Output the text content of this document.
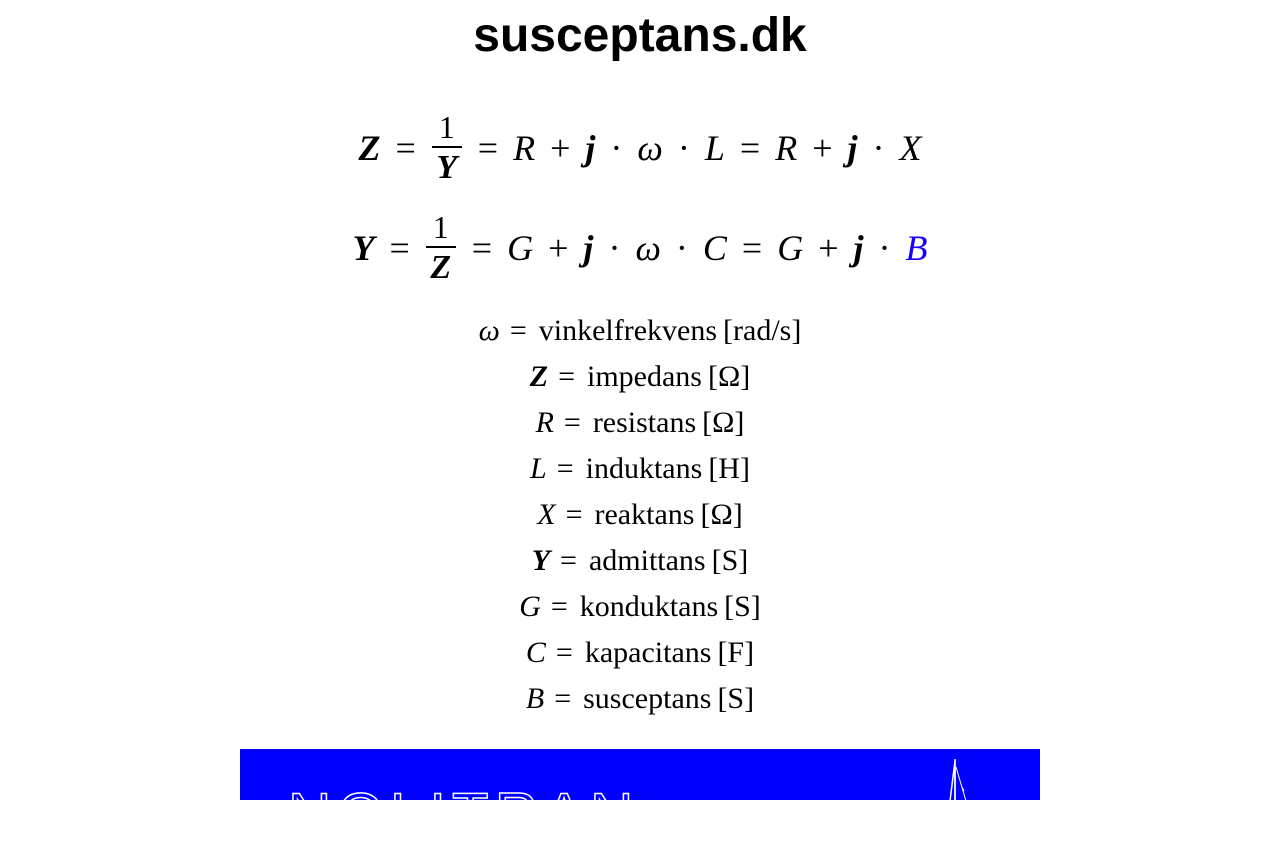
susceptans.dk
$Z = \frac{1}{Y} = R + j \cdot \omega \cdot L = R + j \cdot X$
$Y = \frac{1}{Z} = G + j \cdot \omega \cdot C = G + j \cdot B$
ω = vinkelfrekvens [rad/s]
Z = impedans [Ω]
R = resistans [Ω]
L = induktans [H]
X = reaktans [Ω]
Y = admittans [S]
G = konduktans [S]
C = kapacitans [F]
B = susceptans [S]
NOLITRAN
